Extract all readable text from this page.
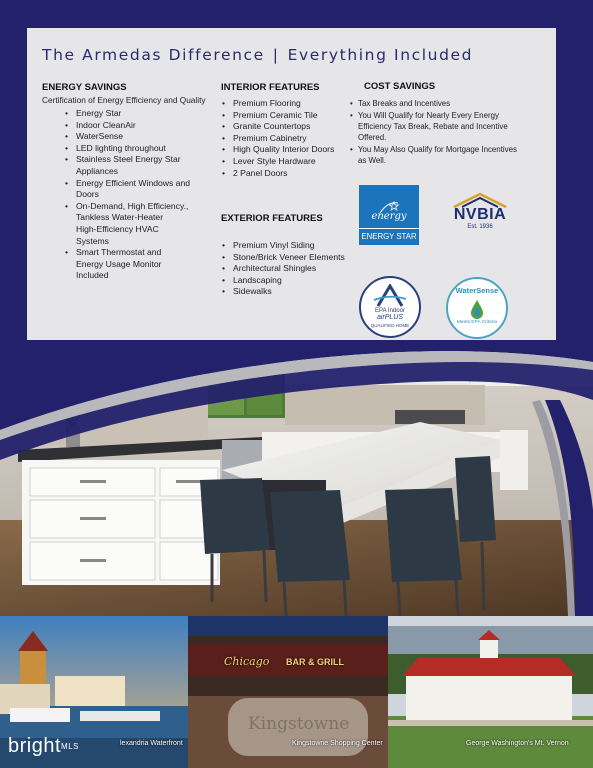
The Armedas Difference | Everything Included
ENERGY SAVINGS
Certification of Energy Efficiency and Quality
• Energy Star
• Indoor CleanAir
• WaterSense
• LED lighting throughout
• Stainless Steel Energy Star Appliances
• Energy Efficient Windows and Doors
• On-Demand, High Efficiency., Tankless Water-Heater
High-Efficiency HVAC Systems
• Smart Thermostat and Energy Usage Monitor Included
INTERIOR FEATURES
• Premium Flooring
• Premium Ceramic Tile
• Granite Countertops
• Premium Cabinetry
• High Quality Interior Doors
• Lever Style Hardware
• 2 Panel Doors
EXTERIOR FEATURES
• Premium Vinyl Siding
• Stone/Brick Veneer Elements
• Architectural Shingles
• Landscaping
• Sidewalks
COST SAVINGS
• Tax Breaks and Incentives
• You Will Qualify for Nearly Every Energy Efficiency Tax Break, Rebate and Incentive Offered.
• You May Also Qualify for Mortgage Incentives as Well.
energy
ENERGY STAR
NVBIA
Est. 1936
EPA Indoor
airPLUS
QUALIFIED HOME
WaterSense
Meets EPA Criteria
Chicago BAR & GRILL
Kingstowne
lexandria Waterfront	Kingstowne Shopping Center	George Washington's Mt. Vernon
bright$^{MLS}$
